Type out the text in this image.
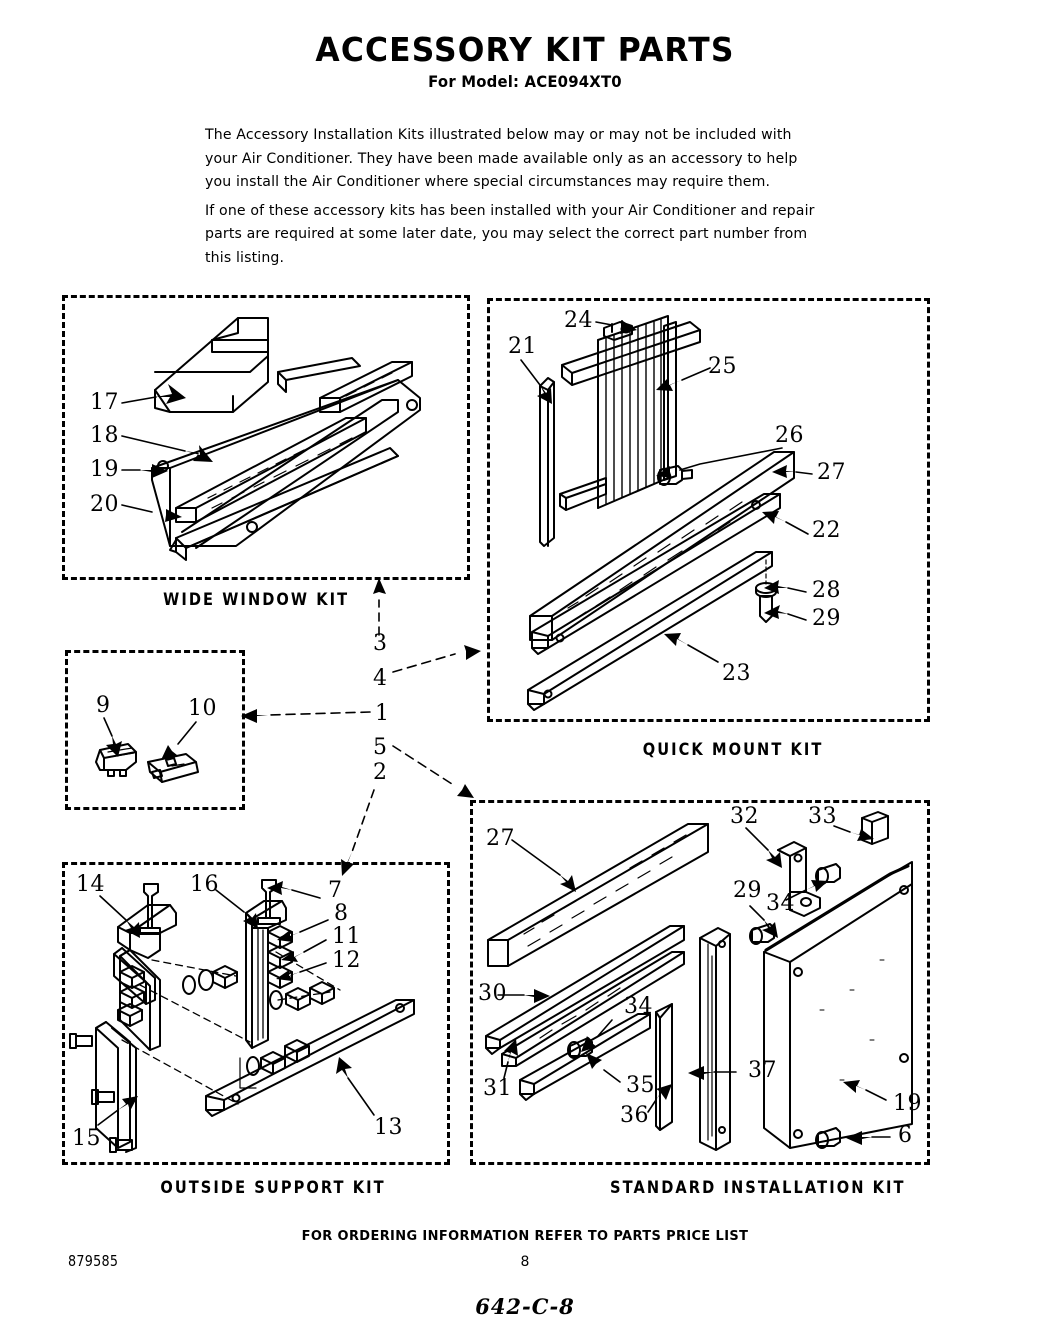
ACCESSORY KIT PARTS
For Model: ACE094XT0

The Accessory Installation Kits illustrated below may or may not be included with your Air Conditioner. They have been made available only as an accessory to help you install the Air Conditioner where special circumstances may require them.

If one of these accessory kits has been installed with your Air Conditioner and repair parts are required at some later date, you may select the correct part number from this listing.

WIDE WINDOW KIT
QUICK MOUNT KIT
OUTSIDE SUPPORT KIT	STANDARD INSTALLATION KIT
17
18
19
20
21
24
25
26
27
22
28
29
23
9	10
3
4
1
5
2
14	16	7
8
11
12
13
15
27
32 33
29
34
30
34
35
36
31
37
19
6
FOR ORDERING INFORMATION REFER TO PARTS PRICE LIST
879585	8
642-C-8
